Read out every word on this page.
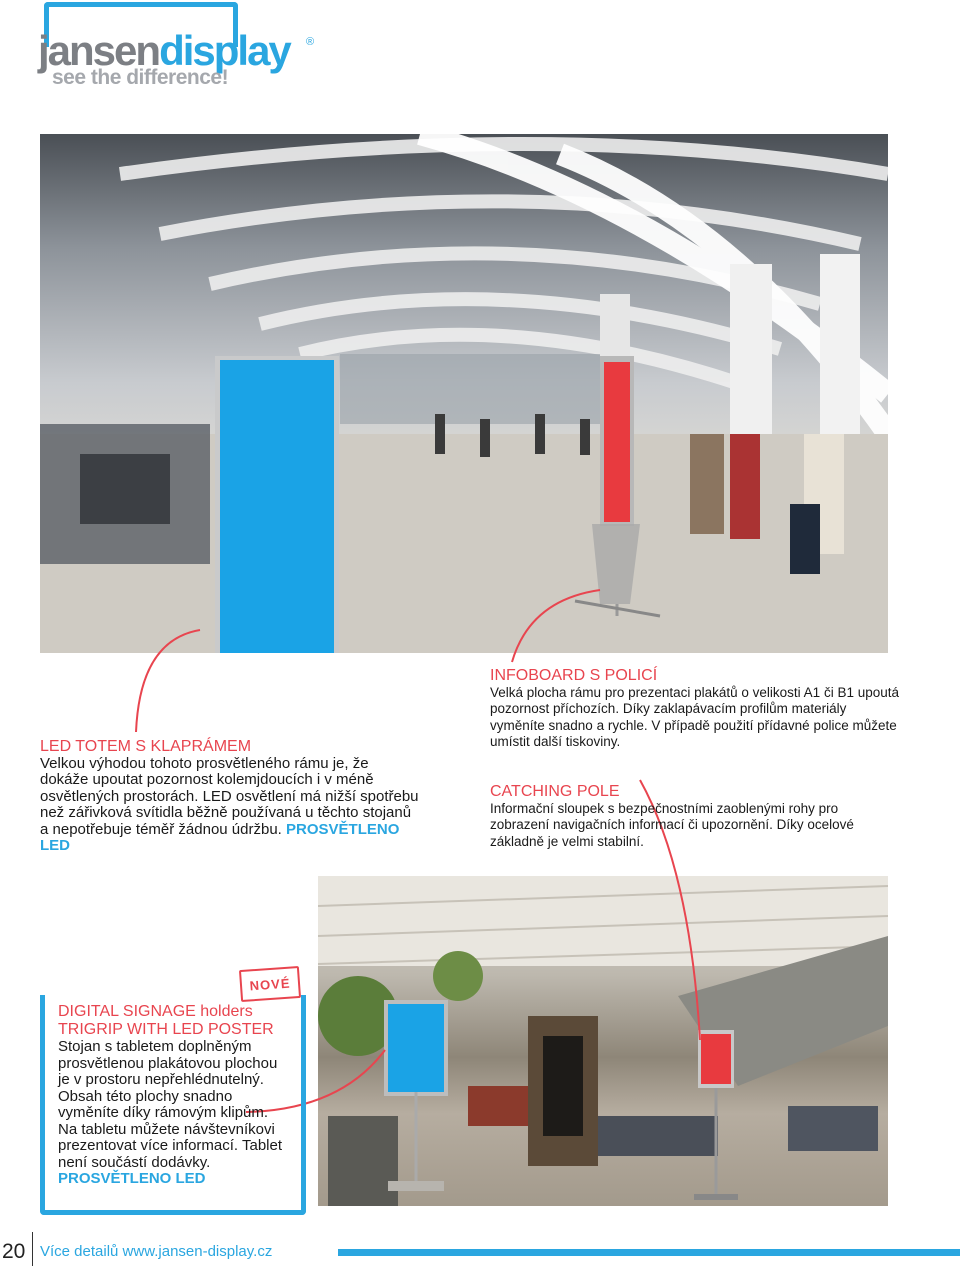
jansendisplay ®
see the difference!
LED TOTEM S KLAPRÁMEM
Velkou výhodou tohoto prosvětleného rámu je, že dokáže upoutat pozornost kolemjdoucích i v méně osvětlených prostorách. LED osvětlení má nižší spotřebu než zářivková svítidla běžně používaná u těchto stojanů a nepotřebuje téměř žádnou údržbu. PROSVĚTLENO LED
INFOBOARD S POLICÍ
Velká plocha rámu pro prezentaci plakátů o velikosti A1 či B1 upoutá pozornost příchozích. Díky zaklapávacím profilům materiály vyměníte snadno a rychle. V případě použití přídavné police můžete umístit další tiskoviny.
CATCHING POLE
Informační sloupek s bezpečnostními zaoblenými rohy pro zobrazení navigačních informací či upozornění. Díky ocelové základně je velmi stabilní.
NOVÉ
DIGITAL SIGNAGE holders
TRIGRIP WITH LED POSTER
Stojan s tabletem doplněným prosvětlenou plakátovou plochou je v prostoru nepřehlédnutelný. Obsah této plochy snadno vyměníte díky rámovým klipům. Na tabletu můžete návštevníkovi prezentovat více informací. Tablet není součástí dodávky. PROSVĚTLENO LED
20 Více detailů www.jansen-display.cz
